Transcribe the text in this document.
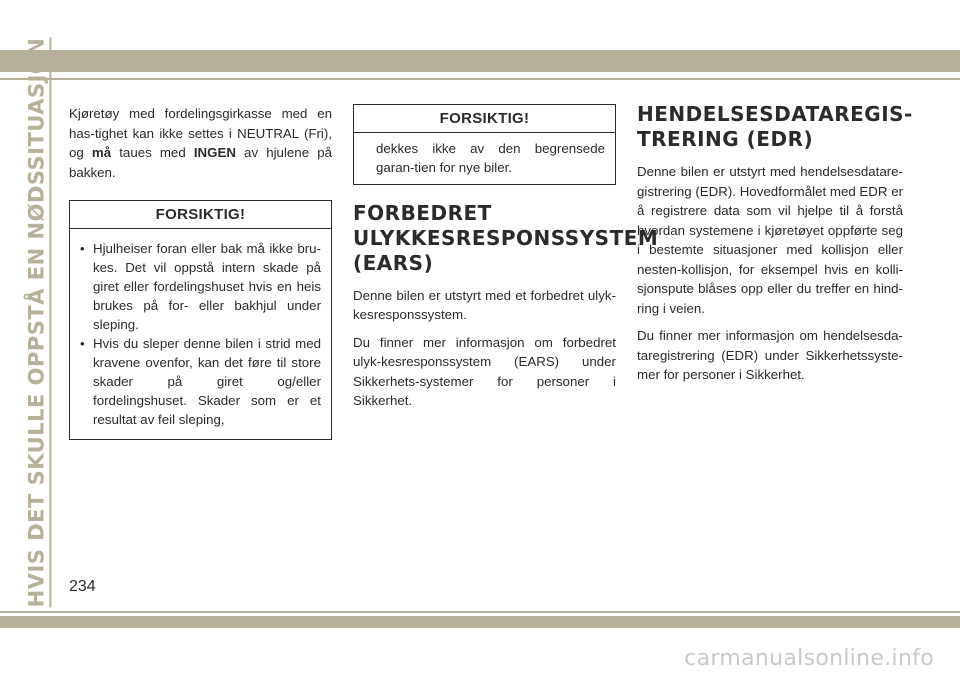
HVIS DET SKULLE OPPSTÅ EN NØDSSITUASJON Kjøretøy med fordelingsgirkasse med en has-tighet kan ikke settes i NEUTRAL (Fri), og må taues med INGEN av hjulene på bakken.

FORSIKTIG!
• Hjulheiser foran eller bak må ikke bru-kes. Det vil oppstå intern skade på giret eller fordelingshuset hvis en heis brukes på for- eller bakhjul under sleping.
• Hvis du sleper denne bilen i strid med kravene ovenfor, kan det føre til store skader på giret og/eller fordelingshuset. Skader som er et resultat av feil sleping,
FORSIKTIG!

dekkes ikke av den begrensede garan-tien for nye biler.

FORBEDRET ULYKKESRESPONSSYSTEM (EARS)

Denne bilen er utstyrt med et forbedret ulyk-kesresponssystem.

Du finner mer informasjon om forbedret ulyk-kesresponssystem (EARS) under Sikkerhets-systemer for personer i Sikkerhet.

HENDELSESDATAREGIS-TRERING (EDR)

Denne bilen er utstyrt med hendelsesdatare-gistrering (EDR). Hovedformålet med EDR er å registrere data som vil hjelpe til å forstå hvordan systemene i kjøretøyet oppførte seg i bestemte situasjoner med kollisjon eller nesten-kollisjon, for eksempel hvis en kolli-sjonspute blåses opp eller du treffer en hind-ring i veien.

Du finner mer informasjon om hendelsesda-taregistrering (EDR) under Sikkerhetssyste-mer for personer i Sikkerhet.

234
carmanualsonline.info
